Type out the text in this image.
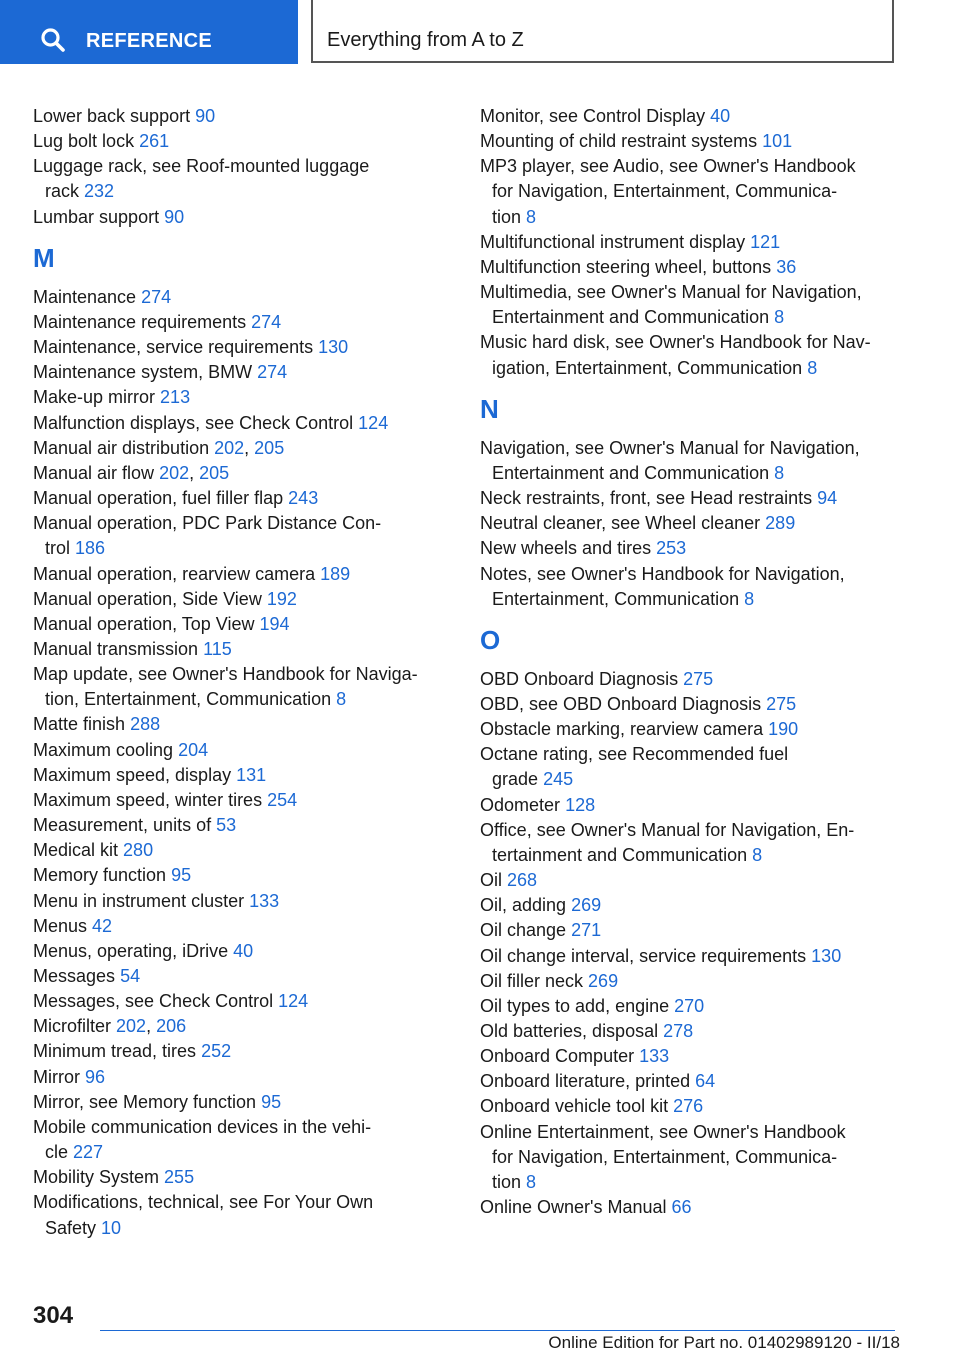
REFERENCE	Everything from A to Z
Lower back support 90
Lug bolt lock 261
Luggage rack, see Roof-mounted luggage
rack 232
Lumbar support 90
M
Maintenance 274
Maintenance requirements 274
Maintenance, service requirements 130
Maintenance system, BMW 274
Make-up mirror 213
Malfunction displays, see Check Control 124
Manual air distribution 202, 205
Manual air flow 202, 205
Manual operation, fuel filler flap 243
Manual operation, PDC Park Distance Con-
trol 186
Manual operation, rearview camera 189
Manual operation, Side View 192
Manual operation, Top View 194
Manual transmission 115
Map update, see Owner's Handbook for Naviga-
tion, Entertainment, Communication 8
Matte finish 288
Maximum cooling 204
Maximum speed, display 131
Maximum speed, winter tires 254
Measurement, units of 53
Medical kit 280
Memory function 95
Menu in instrument cluster 133
Menus 42
Menus, operating, iDrive 40
Messages 54
Messages, see Check Control 124
Microfilter 202, 206
Minimum tread, tires 252
Mirror 96
Mirror, see Memory function 95
Mobile communication devices in the vehi-
cle 227
Mobility System 255
Modifications, technical, see For Your Own
Safety 10
Monitor, see Control Display 40
Mounting of child restraint systems 101
MP3 player, see Audio, see Owner's Handbook
for Navigation, Entertainment, Communica-
tion 8
Multifunctional instrument display 121
Multifunction steering wheel, buttons 36
Multimedia, see Owner's Manual for Navigation,
Entertainment and Communication 8
Music hard disk, see Owner's Handbook for Nav-
igation, Entertainment, Communication 8
N
Navigation, see Owner's Manual for Navigation,
Entertainment and Communication 8
Neck restraints, front, see Head restraints 94
Neutral cleaner, see Wheel cleaner 289
New wheels and tires 253
Notes, see Owner's Handbook for Navigation,
Entertainment, Communication 8
O
OBD Onboard Diagnosis 275
OBD, see OBD Onboard Diagnosis 275
Obstacle marking, rearview camera 190
Octane rating, see Recommended fuel
grade 245
Odometer 128
Office, see Owner's Manual for Navigation, En-
tertainment and Communication 8
Oil 268
Oil, adding 269
Oil change 271
Oil change interval, service requirements 130
Oil filler neck 269
Oil types to add, engine 270
Old batteries, disposal 278
Onboard Computer 133
Onboard literature, printed 64
Onboard vehicle tool kit 276
Online Entertainment, see Owner's Handbook
for Navigation, Entertainment, Communica-
tion 8
Online Owner's Manual 66
304
Online Edition for Part no. 01402989120 - II/18
